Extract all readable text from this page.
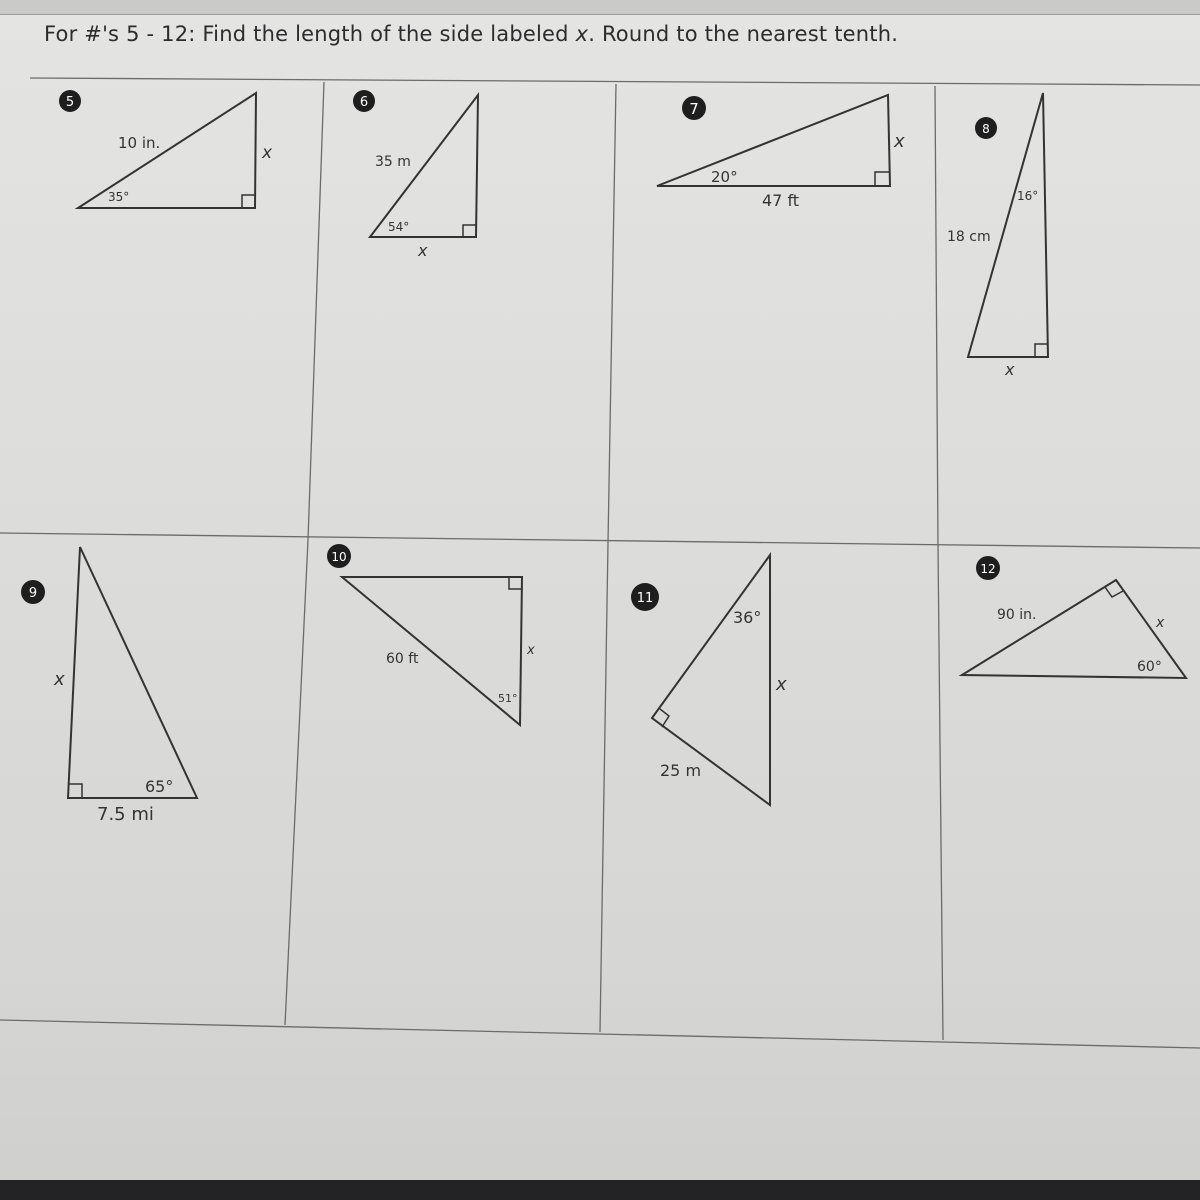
For #'s 5 - 12: Find the length of the side labeled x. Round to the nearest tenth.
5
10 in.
35°
x
6
35 m
54°
x
7
20°
47 ft
x
8
16°
18 cm
x
9
x
65°
7.5 mi
10
60 ft
x
51°
11
36°
x
25 m
12
90 in.	x
60°
